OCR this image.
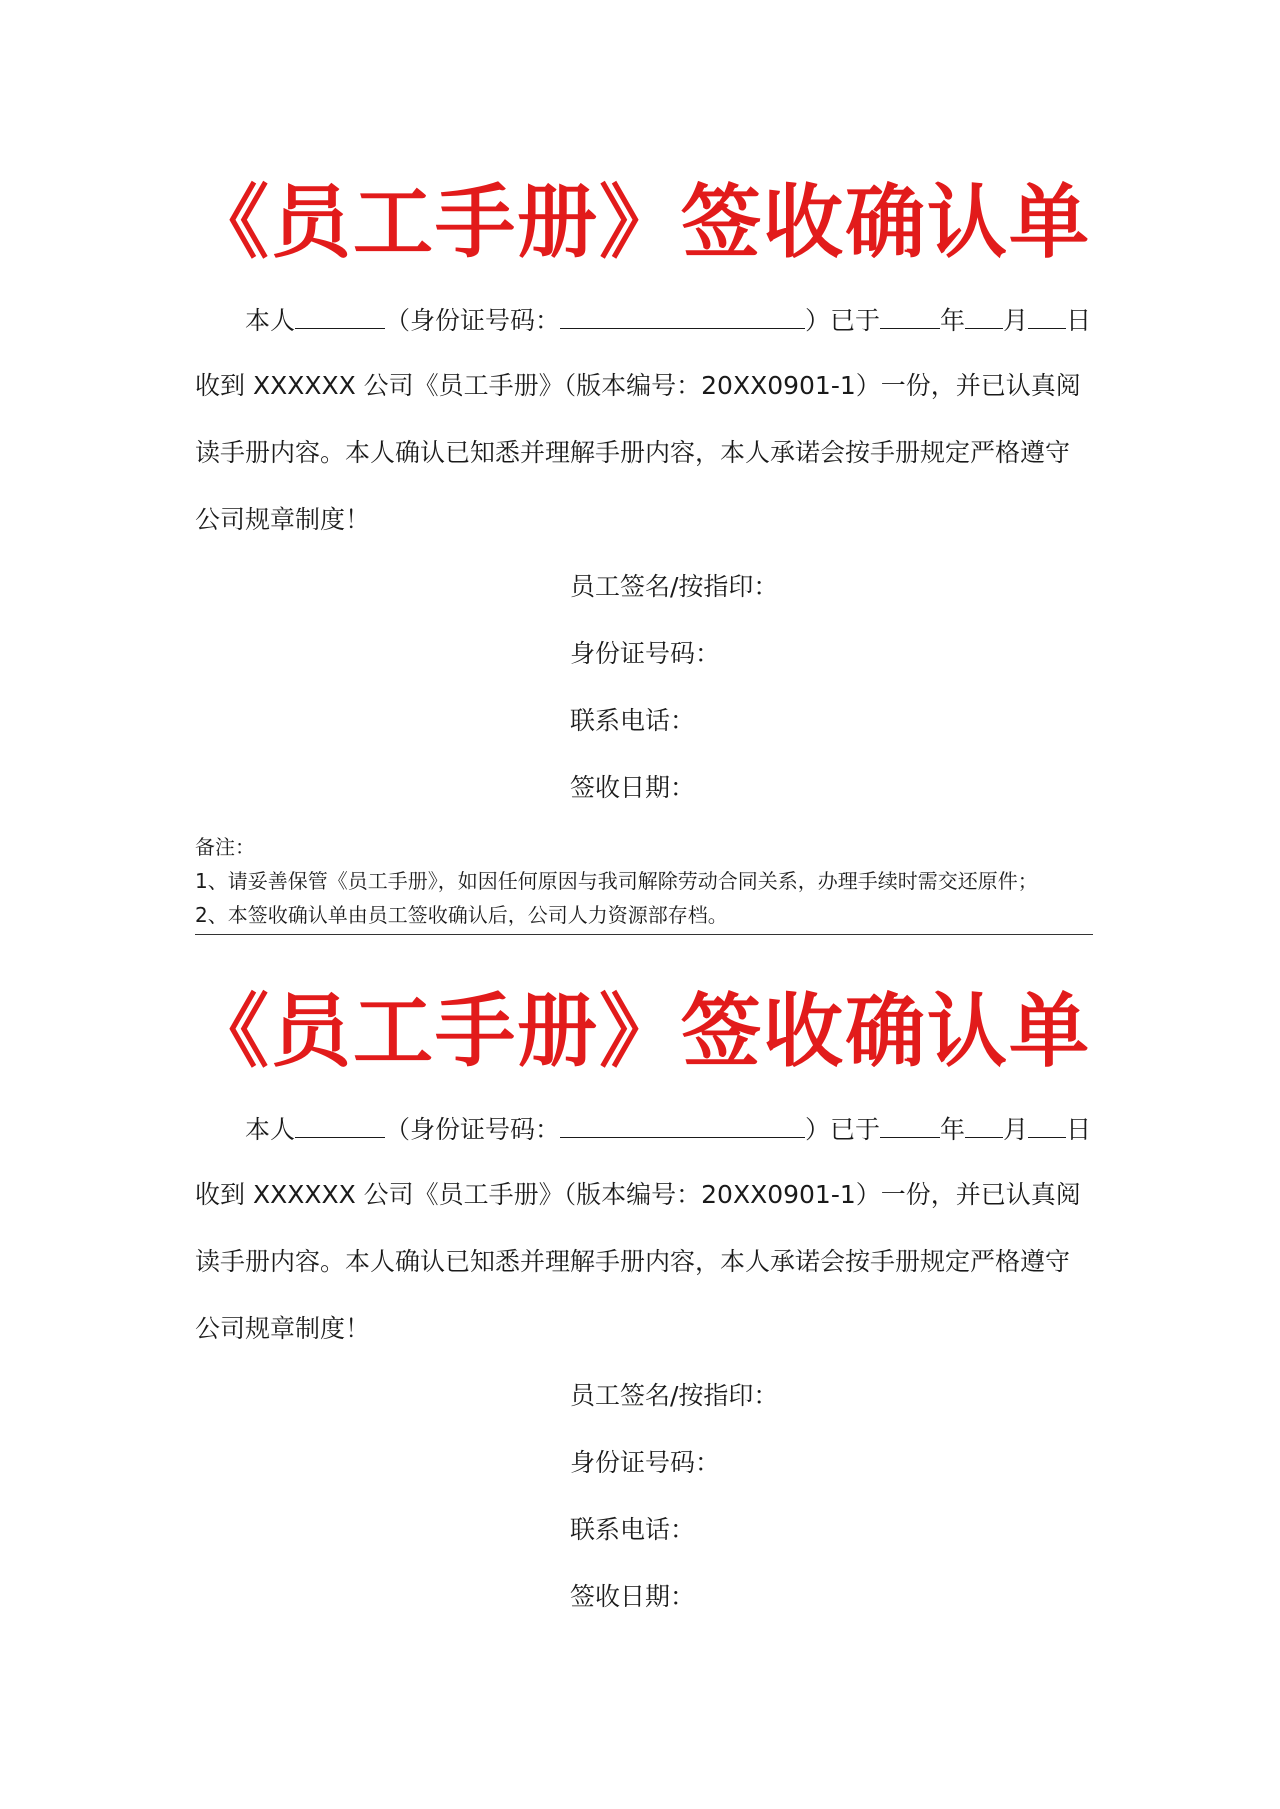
《员工手册》签收确认单
本人	（身份证号码：	）已于 年 月 日
收到 XXXXXX 公司《员工手册》（版本编号：20XX0901-1）一份，并已认真阅
读手册内容。本人确认已知悉并理解手册内容，本人承诺会按手册规定严格遵守
公司规章制度！
员工签名/按指印：
身份证号码：
联系电话：
签收日期：
备注：
1、请妥善保管《员工手册》，如因任何原因与我司解除劳动合同关系，办理手续时需交还原件；
2、本签收确认单由员工签收确认后，公司人力资源部存档。
《员工手册》签收确认单
本人	（身份证号码：	）已于 年 月 日
收到 XXXXXX 公司《员工手册》（版本编号：20XX0901-1）一份，并已认真阅
读手册内容。本人确认已知悉并理解手册内容，本人承诺会按手册规定严格遵守
公司规章制度！
员工签名/按指印：
身份证号码：
联系电话：
签收日期：
